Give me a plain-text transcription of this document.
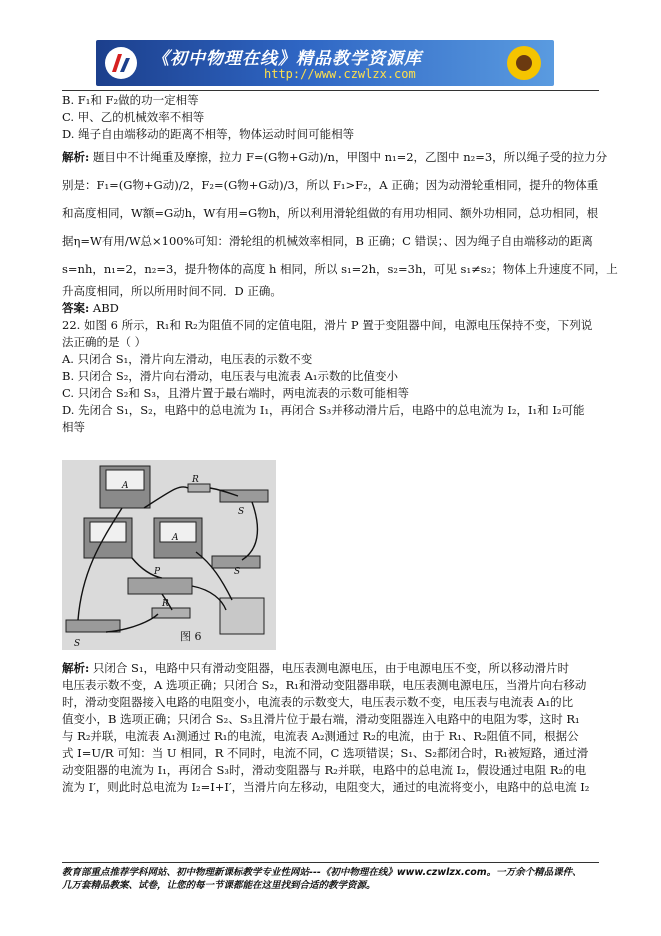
《初中物理在线》精品教学资源库
http://www.czwlzx.com
B. F₁和 F₂做的功一定相等
C. 甲、乙的机械效率不相等
D. 绳子自由端移动的距离不相等，物体运动时间可能相等
解析: 题目中不计绳重及摩擦，拉力 F=(G物+G动)/n，甲图中 n₁=2，乙图中 n₂=3，所以绳子受的拉力分
别是：F₁=(G物+G动)/2，F₂=(G物+G动)/3，所以 F₁>F₂，A 正确；因为动滑轮重相同，提升的物体重
和高度相同，W额=G动h，W有用=G物h，所以利用滑轮组做的有用功相同、额外功相同，总功相同，根
据η=W有用/W总×100%可知：滑轮组的机械效率相同，B 正确；C 错误；、因为绳子自由端移动的距离
s=nh，n₁=2，n₂=3，提升物体的高度 h 相同，所以 s₁=2h，s₂=3h，可见 s₁≠s₂；物体上升速度不同，上
升高度相同，所以所用时间不同．D 正确。
答案: ABD
22. 如图 6 所示，R₁和 R₂为阻值不同的定值电阻，滑片 P 置于变阻器中间，电源电压保持不变，下列说
法正确的是（ ）
A. 只闭合 S₁，滑片向左滑动，电压表的示数不变
B. 只闭合 S₂，滑片向右滑动，电压表与电流表 A₁示数的比值变小
C. 只闭合 S₂和 S₃，且滑片置于最右端时，两电流表的示数可能相等
D. 先闭合 S₁，S₂，电路中的总电流为 I₁，再闭合 S₃并移动滑片后，电路中的总电流为 I₂，I₁和 I₂可能
相等
A
A
R
S
S
R
P
S
图 6
解析: 只闭合 S₁，电路中只有滑动变阻器，电压表测电源电压，由于电源电压不变，所以移动滑片时
电压表示数不变，A 选项正确；只闭合 S₂，R₁和滑动变阻器串联，电压表测电源电压，当滑片向右移动
时，滑动变阻器接入电路的电阻变小，电流表的示数变大，电压表示数不变，电压表与电流表 A₁的比
值变小，B 选项正确；只闭合 S₂、S₃且滑片位于最右端，滑动变阻器连入电路中的电阻为零，这时 R₁
与 R₂并联，电流表 A₁测通过 R₁的电流，电流表 A₂测通过 R₂的电流，由于 R₁、R₂阻值不同，根据公
式 I=U/R 可知：当 U 相同，R 不同时，电流不同，C 选项错误；S₁、S₂都闭合时，R₁被短路，通过滑
动变阻器的电流为 I₁，再闭合 S₃时，滑动变阻器与 R₂并联，电路中的总电流 I₂，假设通过电阻 R₂的电
流为 I′，则此时总电流为 I₂=I+I′，当滑片向左移动，电阻变大，通过的电流将变小，电路中的总电流 I₂
教育部重点推荐学科网站、初中物理新课标教学专业性网站---《初中物理在线》www.czwlzx.com。一万余个精品课件、
几万套精品教案、试卷，让您的每一节课都能在这里找到合适的教学资源。
